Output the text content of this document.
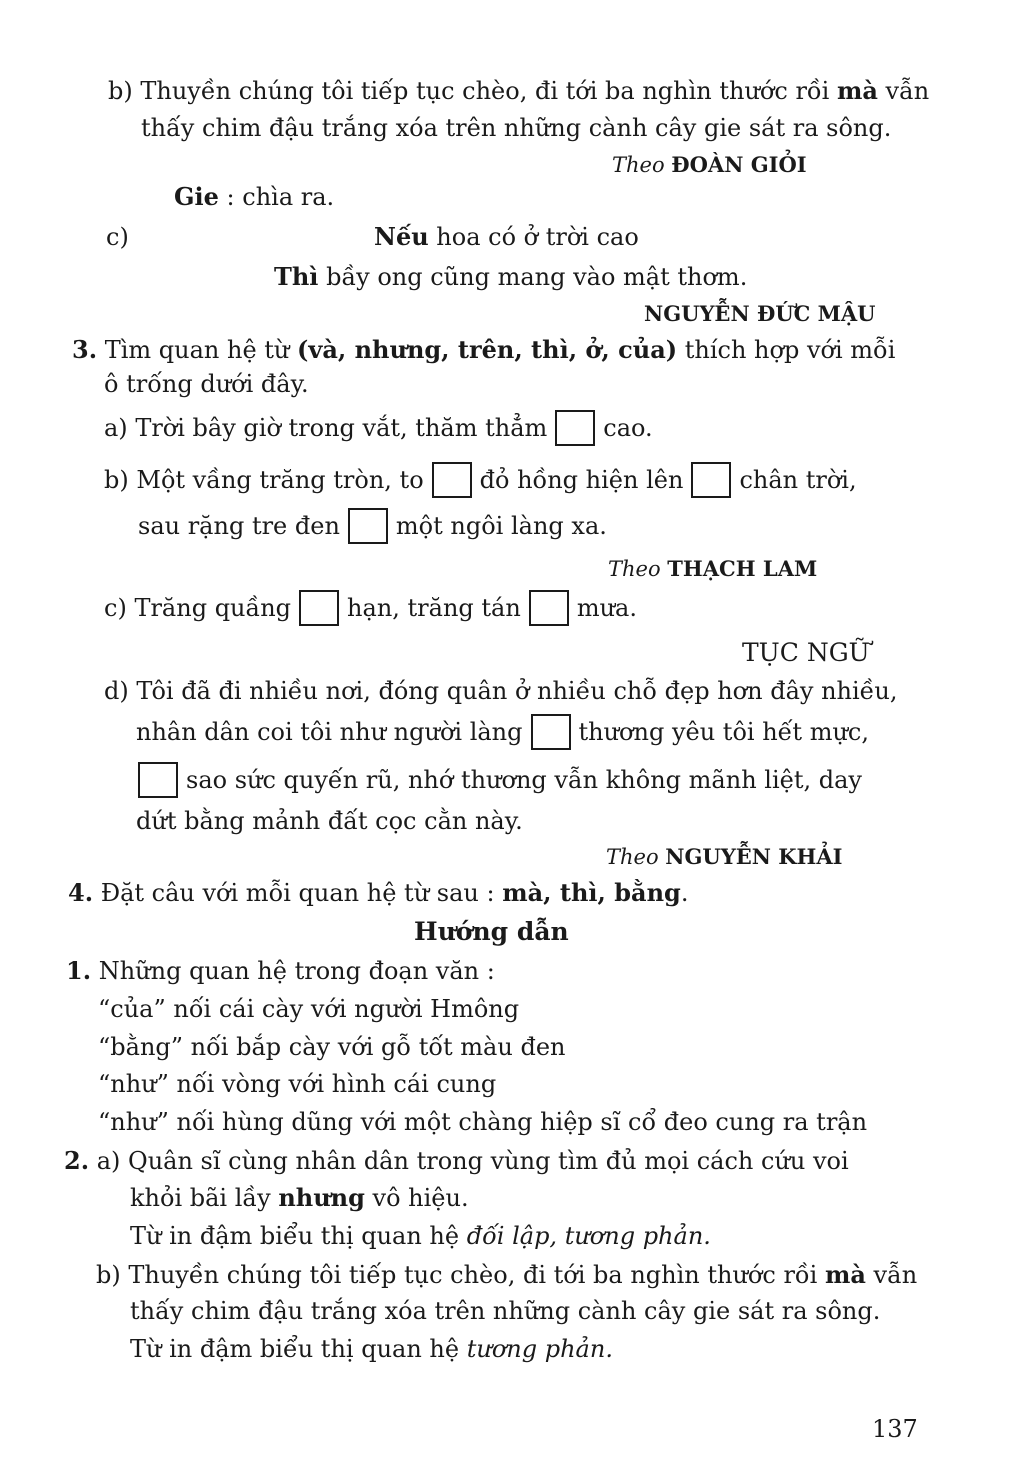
b) Thuyền chúng tôi tiếp tục chèo, đi tới ba nghìn thước rồi mà vẫn
thấy chim đậu trắng xóa trên những cành cây gie sát ra sông.
Theo ĐOÀN GIỎI
Gie : chìa ra.
c)	Nếu hoa có ở trời cao
Thì bầy ong cũng mang vào mật thơm.
NGUYỄN ĐỨC MẬU
3. Tìm quan hệ từ (và, nhưng, trên, thì, ở, của) thích hợp với mỗi
ô trống dưới đây.
a) Trời bây giờ trong vắt, thăm thẳm cao.
b) Một vầng trăng tròn, to đỏ hồng hiện lên chân trời,
sau rặng tre đen một ngôi làng xa.
Theo THẠCH LAM
c) Trăng quầng hạn, trăng tán mưa.
TỤC NGỮ
d) Tôi đã đi nhiều nơi, đóng quân ở nhiều chỗ đẹp hơn đây nhiều,
nhân dân coi tôi như người làng thương yêu tôi hết mực,
sao sức quyến rũ, nhớ thương vẫn không mãnh liệt, day
dứt bằng mảnh đất cọc cằn này.
Theo NGUYỄN KHẢI
4. Đặt câu với mỗi quan hệ từ sau : mà, thì, bằng.
Hướng dẫn
1. Những quan hệ trong đoạn văn :
“của” nối cái cày với người Hmông
“bằng” nối bắp cày với gỗ tốt màu đen
“như” nối vòng với hình cái cung
“như” nối hùng dũng với một chàng hiệp sĩ cổ đeo cung ra trận
2. a) Quân sĩ cùng nhân dân trong vùng tìm đủ mọi cách cứu voi
khỏi bãi lầy nhưng vô hiệu.
Từ in đậm biểu thị quan hệ đối lập, tương phản.
b) Thuyền chúng tôi tiếp tục chèo, đi tới ba nghìn thước rồi mà vẫn
thấy chim đậu trắng xóa trên những cành cây gie sát ra sông.
Từ in đậm biểu thị quan hệ tương phản.
137
